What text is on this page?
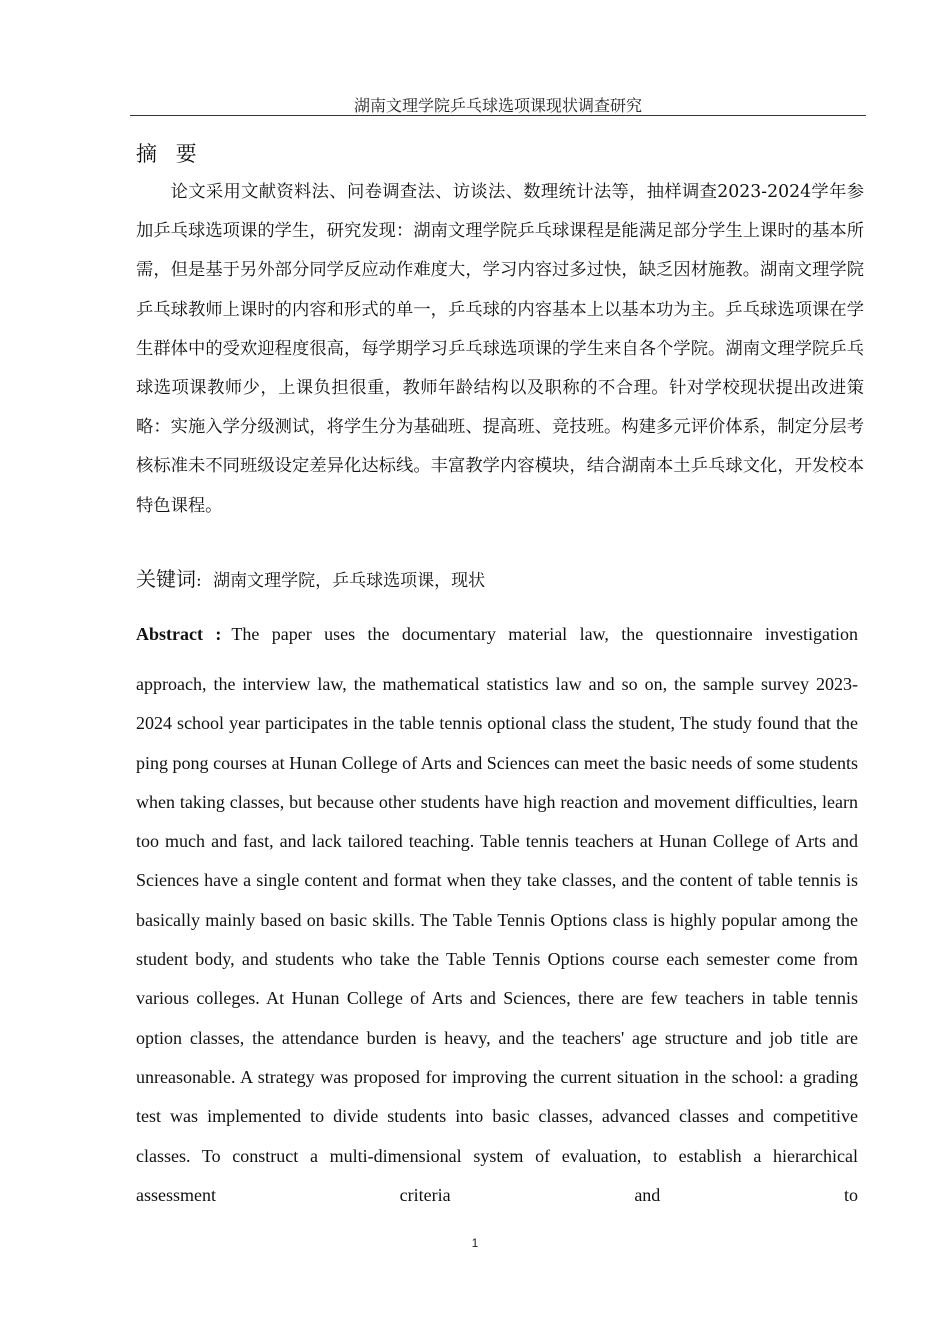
湖南文理学院乒乓球选项课现状调查研究
摘 要

论文采用文献资料法、问卷调查法、访谈法、数理统计法等，抽样调查2023-2024学年参加乒乓球选项课的学生，研究发现：湖南文理学院乒乓球课程是能满足部分学生上课时的基本所需，但是基于另外部分同学反应动作难度大，学习内容过多过快，缺乏因材施教。湖南文理学院乒乓球教师上课时的内容和形式的单一，乒乓球的内容基本上以基本功为主。乒乓球选项课在学生群体中的受欢迎程度很高，每学期学习乒乓球选项课的学生来自各个学院。湖南文理学院乒乓球选项课教师少，上课负担很重，教师年龄结构以及职称的不合理。针对学校现状提出改进策略：实施入学分级测试，将学生分为基础班、提高班、竞技班。构建多元评价体系，制定分层考核标准未不同班级设定差异化达标线。丰富教学内容模块，结合湖南本土乒乓球文化，开发校本特色课程。

关键词: 湖南文理学院，乒乓球选项课，现状

Abstract : The paper uses the documentary material law, the questionnaire investigation

approach, the interview law, the mathematical statistics law and so on, the sample survey 2023-2024 school year participates in the table tennis optional class the student, The study found that the ping pong courses at Hunan College of Arts and Sciences can meet the basic needs of some students when taking classes, but because other students have high reaction and movement difficulties, learn too much and fast, and lack tailored teaching. Table tennis teachers at Hunan College of Arts and Sciences have a single content and format when they take classes, and the content of table tennis is basically mainly based on basic skills. The Table Tennis Options class is highly popular among the student body, and students who take the Table Tennis Options course each semester come from various colleges. At Hunan College of Arts and Sciences, there are few teachers in table tennis option classes, the attendance burden is heavy, and the teachers' age structure and job title are unreasonable. A strategy was proposed for improving the current situation in the school: a grading test was implemented to divide students into basic classes, advanced classes and competitive classes. To construct a multi-dimensional system of evaluation, to establish a hierarchical assessment criteria and to

1
